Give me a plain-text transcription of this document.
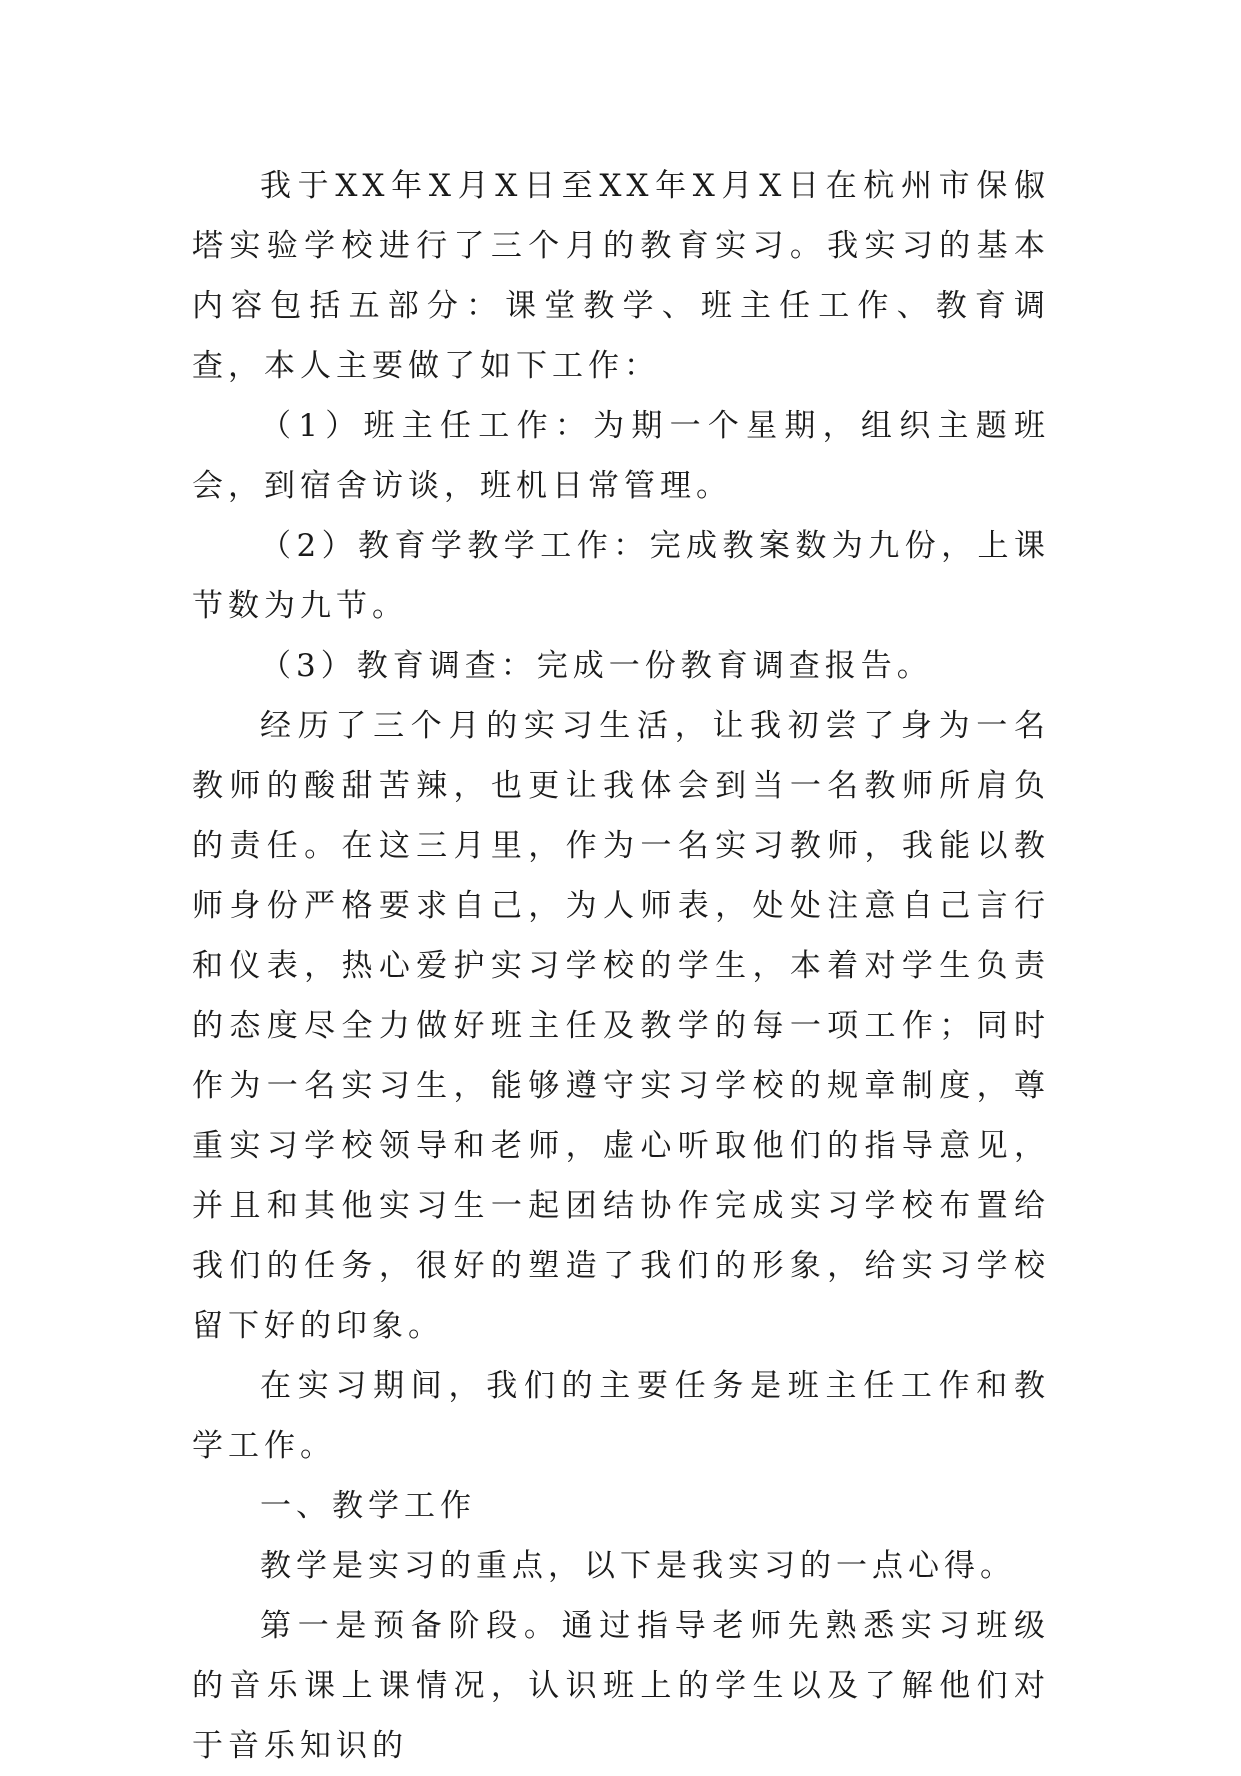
我于XX年X月X日至XX年X月X日在杭州市保俶塔实验学校进行了三个月的教育实习。我实习的基本内容包括五部分：课堂教学、班主任工作、教育调查，本人主要做了如下工作：

（1）班主任工作：为期一个星期，组织主题班会，到宿舍访谈，班机日常管理。

（2）教育学教学工作：完成教案数为九份，上课节数为九节。

（3）教育调查：完成一份教育调查报告。

经历了三个月的实习生活，让我初尝了身为一名教师的酸甜苦辣，也更让我体会到当一名教师所肩负的责任。在这三月里，作为一名实习教师，我能以教师身份严格要求自己，为人师表，处处注意自己言行和仪表，热心爱护实习学校的学生，本着对学生负责的态度尽全力做好班主任及教学的每一项工作；同时作为一名实习生，能够遵守实习学校的规章制度，尊重实习学校领导和老师，虚心听取他们的指导意见，并且和其他实习生一起团结协作完成实习学校布置给我们的任务，很好的塑造了我们的形象，给实习学校留下好的印象。

在实习期间，我们的主要任务是班主任工作和教学工作。

一、教学工作

教学是实习的重点，以下是我实习的一点心得。

第一是预备阶段。通过指导老师先熟悉实习班级的音乐课上课情况，认识班上的学生以及了解他们对于音乐知识的
